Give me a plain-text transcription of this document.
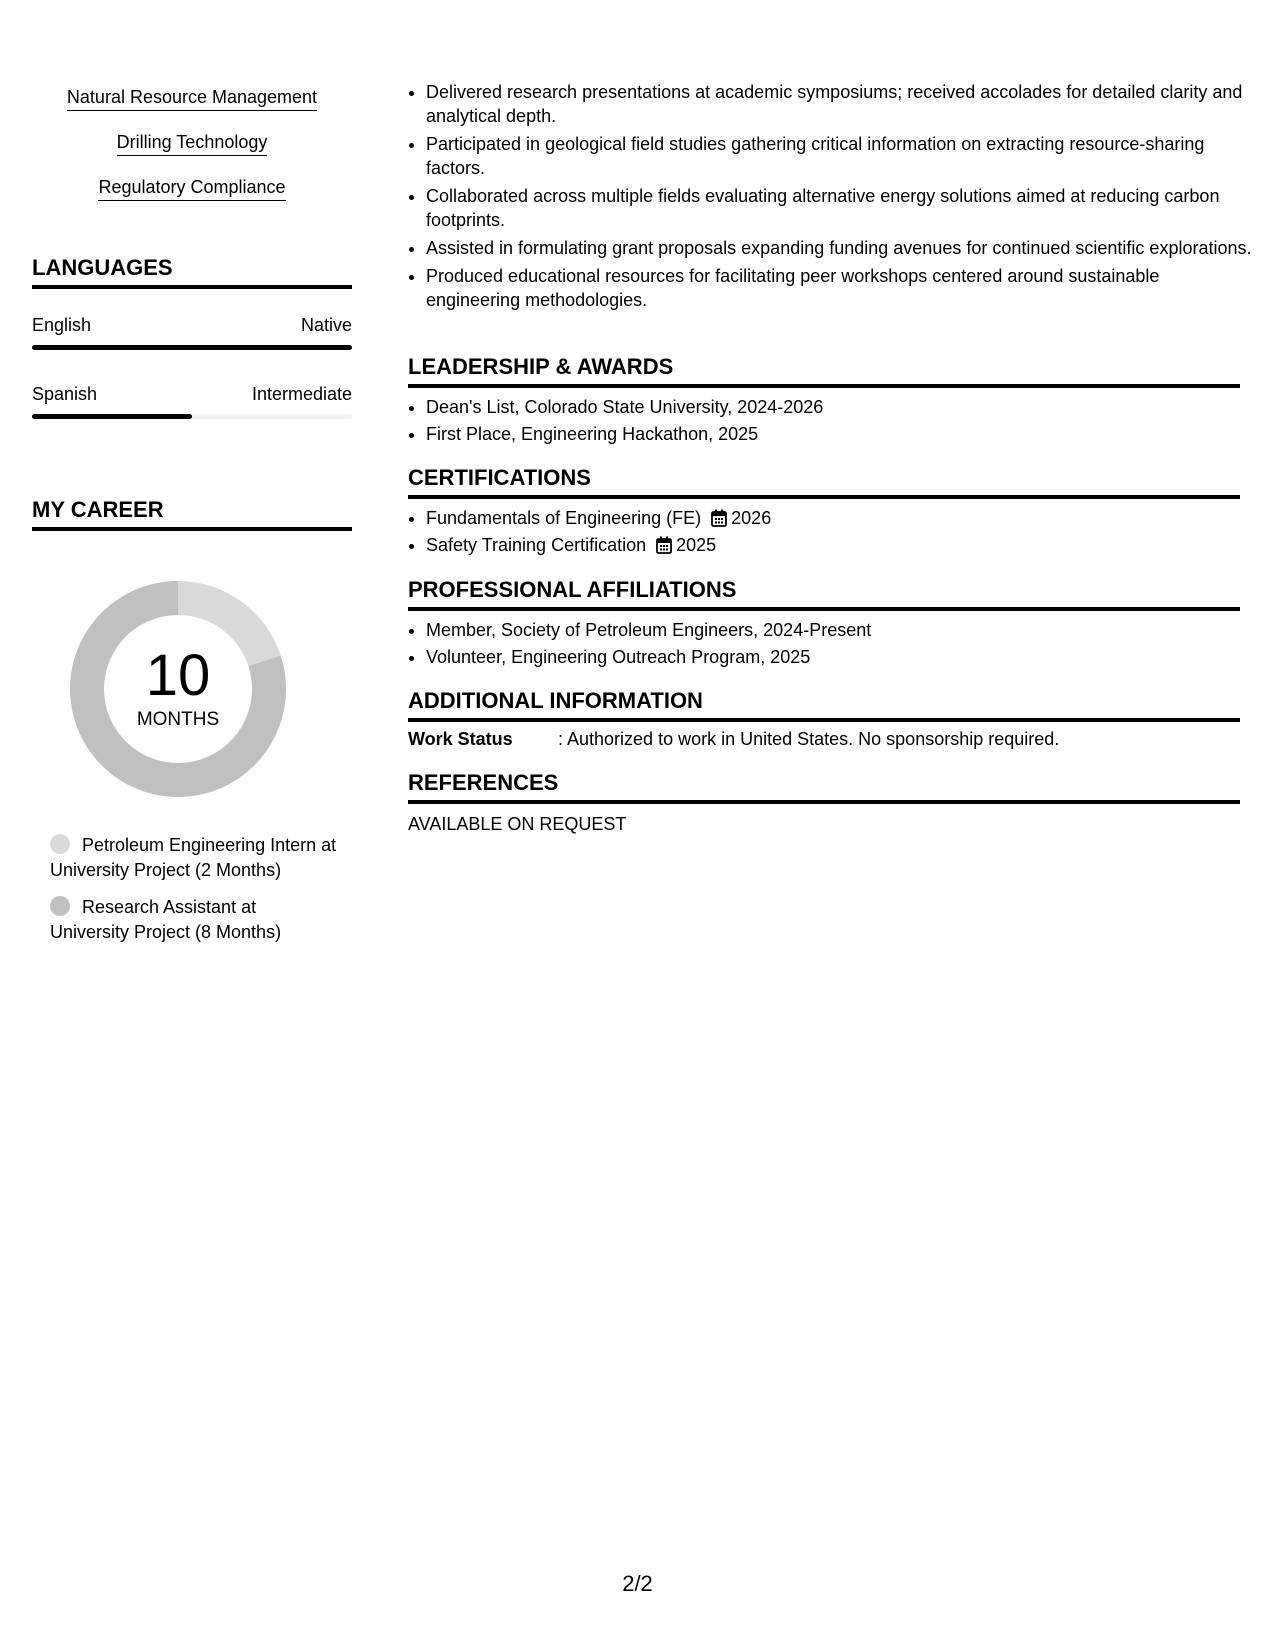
Natural Resource Management
Drilling Technology
Regulatory Compliance
LANGUAGES
English	Native
Spanish	Intermediate
MY CAREER
10
MONTHS
Petroleum Engineering Intern at University Project (2 Months)
Research Assistant at University Project (8 Months)
• Delivered research presentations at academic symposiums; received accolades for detailed clarity and analytical depth.
• Participated in geological field studies gathering critical information on extracting resource-sharing factors.
• Collaborated across multiple fields evaluating alternative energy solutions aimed at reducing carbon footprints.
• Assisted in formulating grant proposals expanding funding avenues for continued scientific explorations.
• Produced educational resources for facilitating peer workshops centered around sustainable engineering methodologies.
LEADERSHIP & AWARDS
• Dean's List, Colorado State University, 2024-2026
• First Place, Engineering Hackathon, 2025
CERTIFICATIONS
• Fundamentals of Engineering (FE) 2026
• Safety Training Certification 2025
PROFESSIONAL AFFILIATIONS
• Member, Society of Petroleum Engineers, 2024-Present
• Volunteer, Engineering Outreach Program, 2025
ADDITIONAL INFORMATION
Work Status	: Authorized to work in United States. No sponsorship required.
REFERENCES
AVAILABLE ON REQUEST
2/2
